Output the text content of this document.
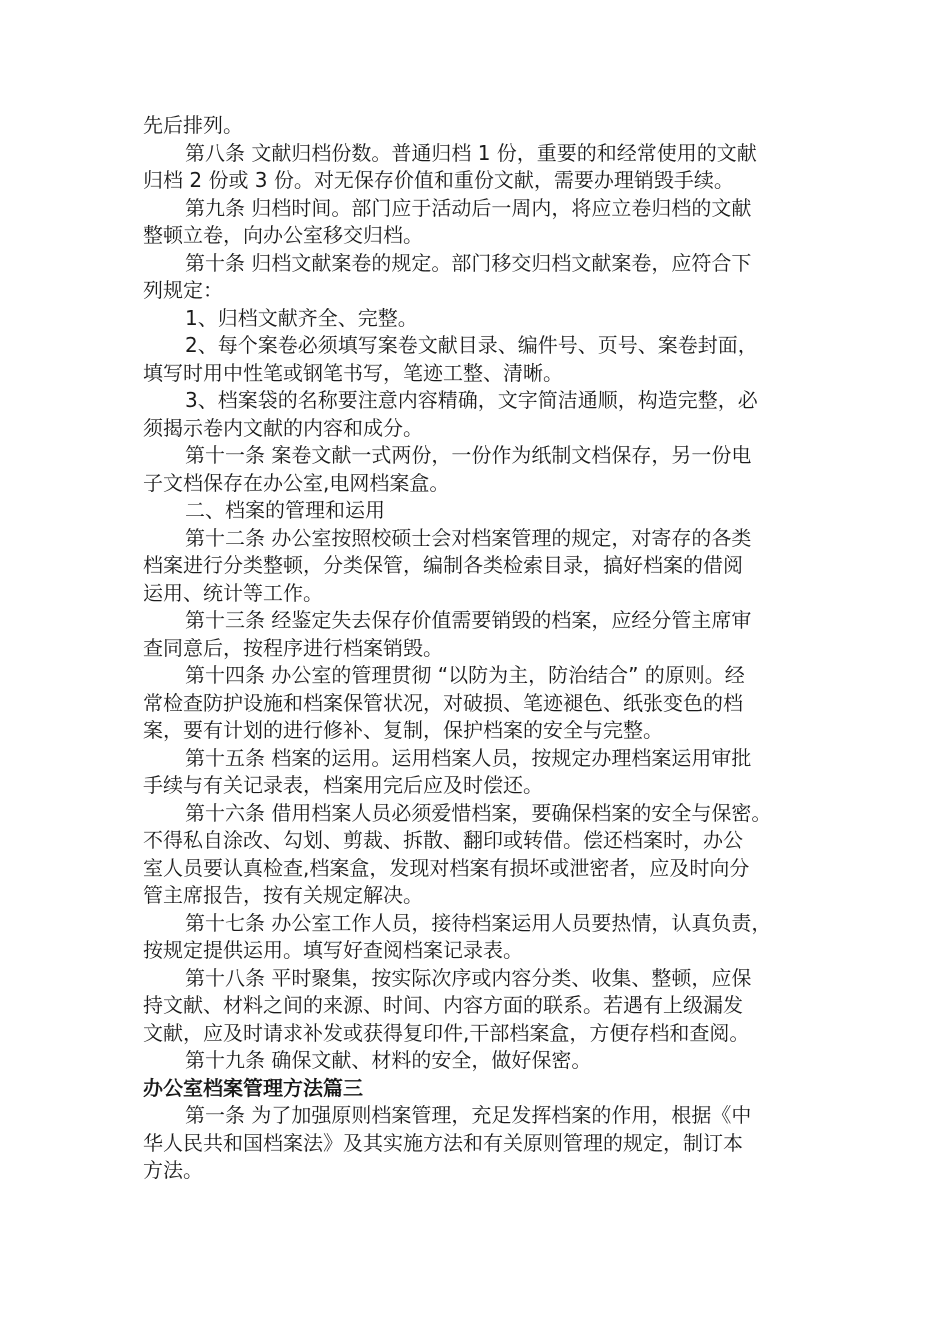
先后排列。
第八条 文献归档份数。普通归档 1 份，重要的和经常使用的文献
归档 2 份或 3 份。对无保存价值和重份文献，需要办理销毁手续。
第九条 归档时间。部门应于活动后一周内，将应立卷归档的文献
整顿立卷，向办公室移交归档。
第十条 归档文献案卷的规定。部门移交归档文献案卷，应符合下
列规定：
1、归档文献齐全、完整。
2、每个案卷必须填写案卷文献目录、编件号、页号、案卷封面，
填写时用中性笔或钢笔书写，笔迹工整、清晰。
3、档案袋的名称要注意内容精确，文字简洁通顺，构造完整，必
须揭示卷内文献的内容和成分。
第十一条 案卷文献一式两份，一份作为纸制文档保存，另一份电
子文档保存在办公室,电网档案盒。
二、档案的管理和运用
第十二条 办公室按照校硕士会对档案管理的规定，对寄存的各类
档案进行分类整顿，分类保管，编制各类检索目录，搞好档案的借阅
运用、统计等工作。
第十三条 经鉴定失去保存价值需要销毁的档案，应经分管主席审
查同意后，按程序进行档案销毁。
第十四条 办公室的管理贯彻 “以防为主，防治结合” 的原则。经
常检查防护设施和档案保管状况，对破损、笔迹褪色、纸张变色的档
案，要有计划的进行修补、复制，保护档案的安全与完整。
第十五条 档案的运用。运用档案人员，按规定办理档案运用审批
手续与有关记录表，档案用完后应及时偿还。
第十六条 借用档案人员必须爱惜档案，要确保档案的安全与保密。
不得私自涂改、勾划、剪裁、拆散、翻印或转借。偿还档案时，办公
室人员要认真检查,档案盒，发现对档案有损坏或泄密者，应及时向分
管主席报告，按有关规定解决。
第十七条 办公室工作人员，接待档案运用人员要热情，认真负责，
按规定提供运用。填写好查阅档案记录表。
第十八条 平时聚集，按实际次序或内容分类、收集、整顿，应保
持文献、材料之间的来源、时间、内容方面的联系。若遇有上级漏发
文献，应及时请求补发或获得复印件,干部档案盒，方便存档和查阅。
第十九条 确保文献、材料的安全，做好保密。
办公室档案管理方法篇三
第一条 为了加强原则档案管理，充足发挥档案的作用，根据《中
华人民共和国档案法》及其实施方法和有关原则管理的规定，制订本
方法。
